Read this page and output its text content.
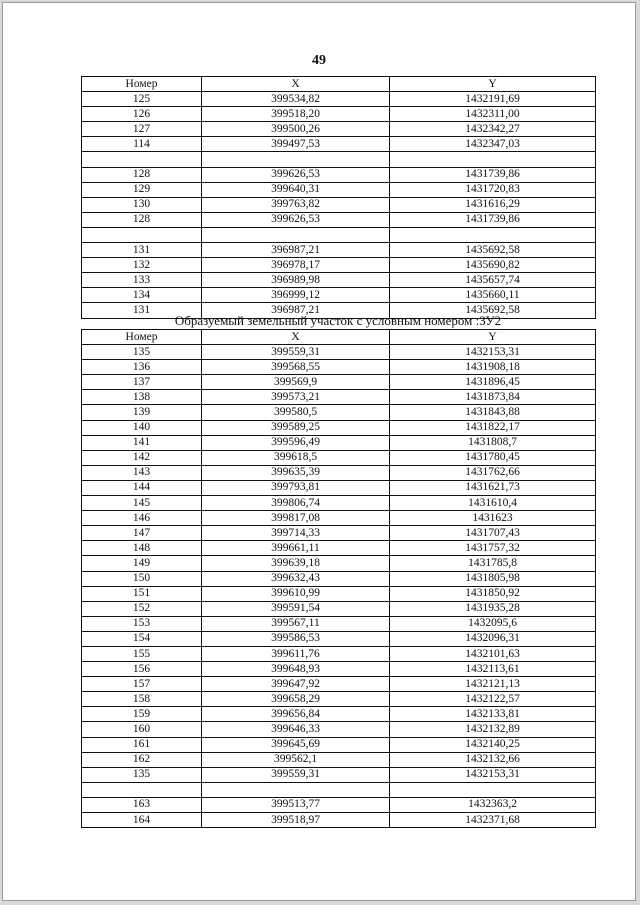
49
Номер	X	Y
125	399534,82	1432191,69
126	399518,20	1432311,00
127	399500,26	1432342,27
114	399497,53	1432347,03

128	399626,53	1431739,86
129	399640,31	1431720,83
130	399763,82	1431616,29
128	399626,53	1431739,86

131	396987,21	1435692,58
132	396978,17	1435690,82
133	396989,98	1435657,74
134	396999,12	1435660,11
131	396987,21	1435692,58
Образуемый земельный участок с условным номером :ЗУ2
Номер	X	Y
135	399559,31	1432153,31
136	399568,55	1431908,18
137	399569,9	1431896,45
138	399573,21	1431873,84
139	399580,5	1431843,88
140	399589,25	1431822,17
141	399596,49	1431808,7
142	399618,5	1431780,45
143	399635,39	1431762,66
144	399793,81	1431621,73
145	399806,74	1431610,4
146	399817,08	1431623
147	399714,33	1431707,43
148	399661,11	1431757,32
149	399639,18	1431785,8
150	399632,43	1431805,98
151	399610,99	1431850,92
152	399591,54	1431935,28
153	399567,11	1432095,6
154	399586,53	1432096,31
155	399611,76	1432101,63
156	399648,93	1432113,61
157	399647,92	1432121,13
158	399658,29	1432122,57
159	399656,84	1432133,81
160	399646,33	1432132,89
161	399645,69	1432140,25
162	399562,1	1432132,66
135	399559,31	1432153,31

163	399513,77	1432363,2
164	399518,97	1432371,68
